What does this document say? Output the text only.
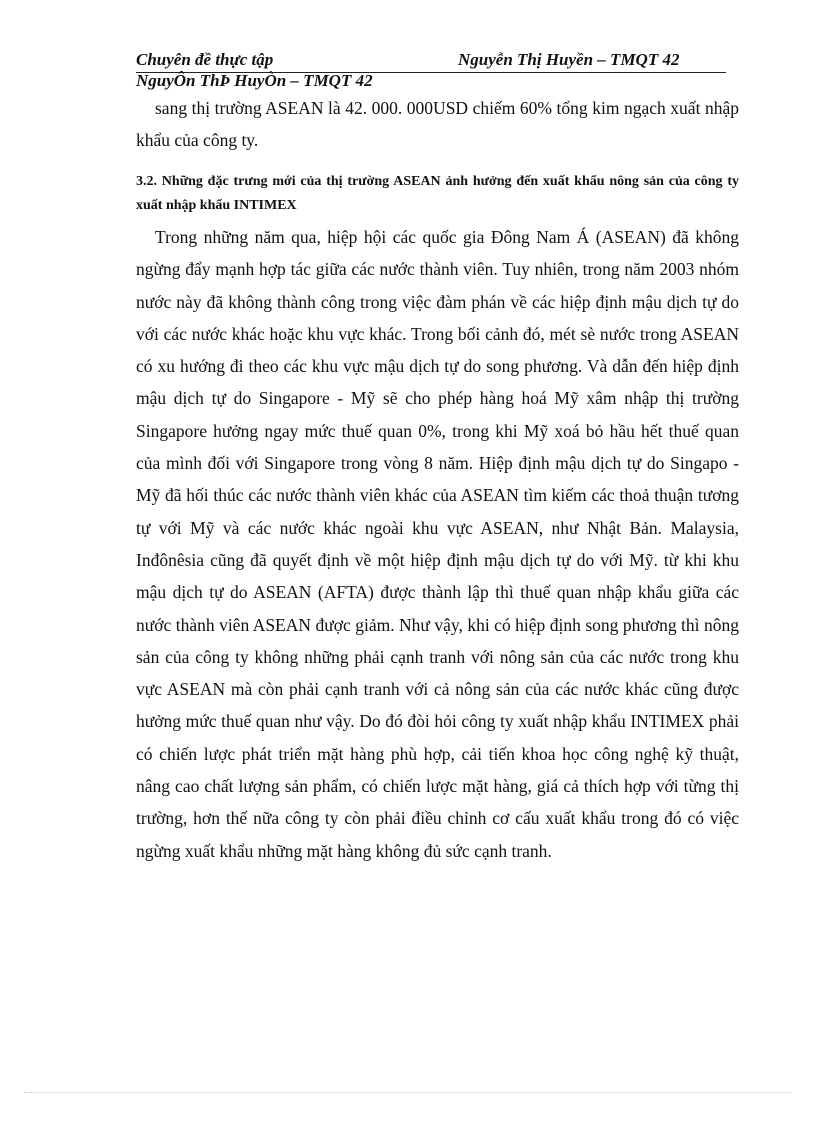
Chuyên đề thực tập	Nguyễn Thị Huyền – TMQT 42
NguyÔn ThÞ HuyÒn – TMQT 42

sang thị trường ASEAN là 42. 000. 000USD chiếm 60% tổng kim ngạch xuất nhập khẩu của công ty.

3.2. Những đặc trưng mới của thị trường ASEAN ảnh hưởng đến xuất khẩu nông sản của công ty xuất nhập khẩu INTIMEX

Trong những năm qua, hiệp hội các quốc gia Đông Nam Á (ASEAN) đã không ngừng đẩy mạnh hợp tác giữa các nước thành viên. Tuy nhiên, trong năm 2003 nhóm nước này đã không thành công trong việc đàm phán về các hiệp định mậu dịch tự do với các nước khác hoặc khu vực khác. Trong bối cảnh đó, mét sè nước trong ASEAN có xu hướng đi theo các khu vực mậu dịch tự do song phương. Và dẫn đến hiệp định mậu dịch tự do Singapore - Mỹ sẽ cho phép hàng hoá Mỹ xâm nhập thị trường Singapore hưởng ngay mức thuế quan 0%, trong khi Mỹ xoá bỏ hầu hết thuế quan của mình đối với Singapore trong vòng 8 năm. Hiệp định mậu dịch tự do Singapo - Mỹ đã hối thúc các nước thành viên khác của ASEAN tìm kiếm các thoả thuận tương tự với Mỹ và các nước khác ngoài khu vực ASEAN, như Nhật Bản. Malaysia, Inđônêsia cũng đã quyết định về một hiệp định mậu dịch tự do với Mỹ. từ khi khu mậu dịch tự do ASEAN (AFTA) được thành lập thì thuế quan nhập khẩu giữa các nước thành viên ASEAN được giảm. Như vậy, khi có hiệp định song phương thì nông sản của công ty không những phải cạnh tranh với nông sản của các nước trong khu vực ASEAN mà còn phải cạnh tranh với cả nông sản của các nước khác cũng được hưởng mức thuế quan như vậy. Do đó đòi hỏi công ty xuất nhập khẩu INTIMEX phải có chiến lược phát triển mặt hàng phù hợp, cải tiến khoa học công nghệ kỹ thuật, nâng cao chất lượng sản phẩm, có chiến lược mặt hàng, giá cả thích hợp với từng thị trường, hơn thế nữa công ty còn phải điều chỉnh cơ cấu xuất khẩu trong đó có việc ngừng xuất khẩu những mặt hàng không đủ sức cạnh tranh.
